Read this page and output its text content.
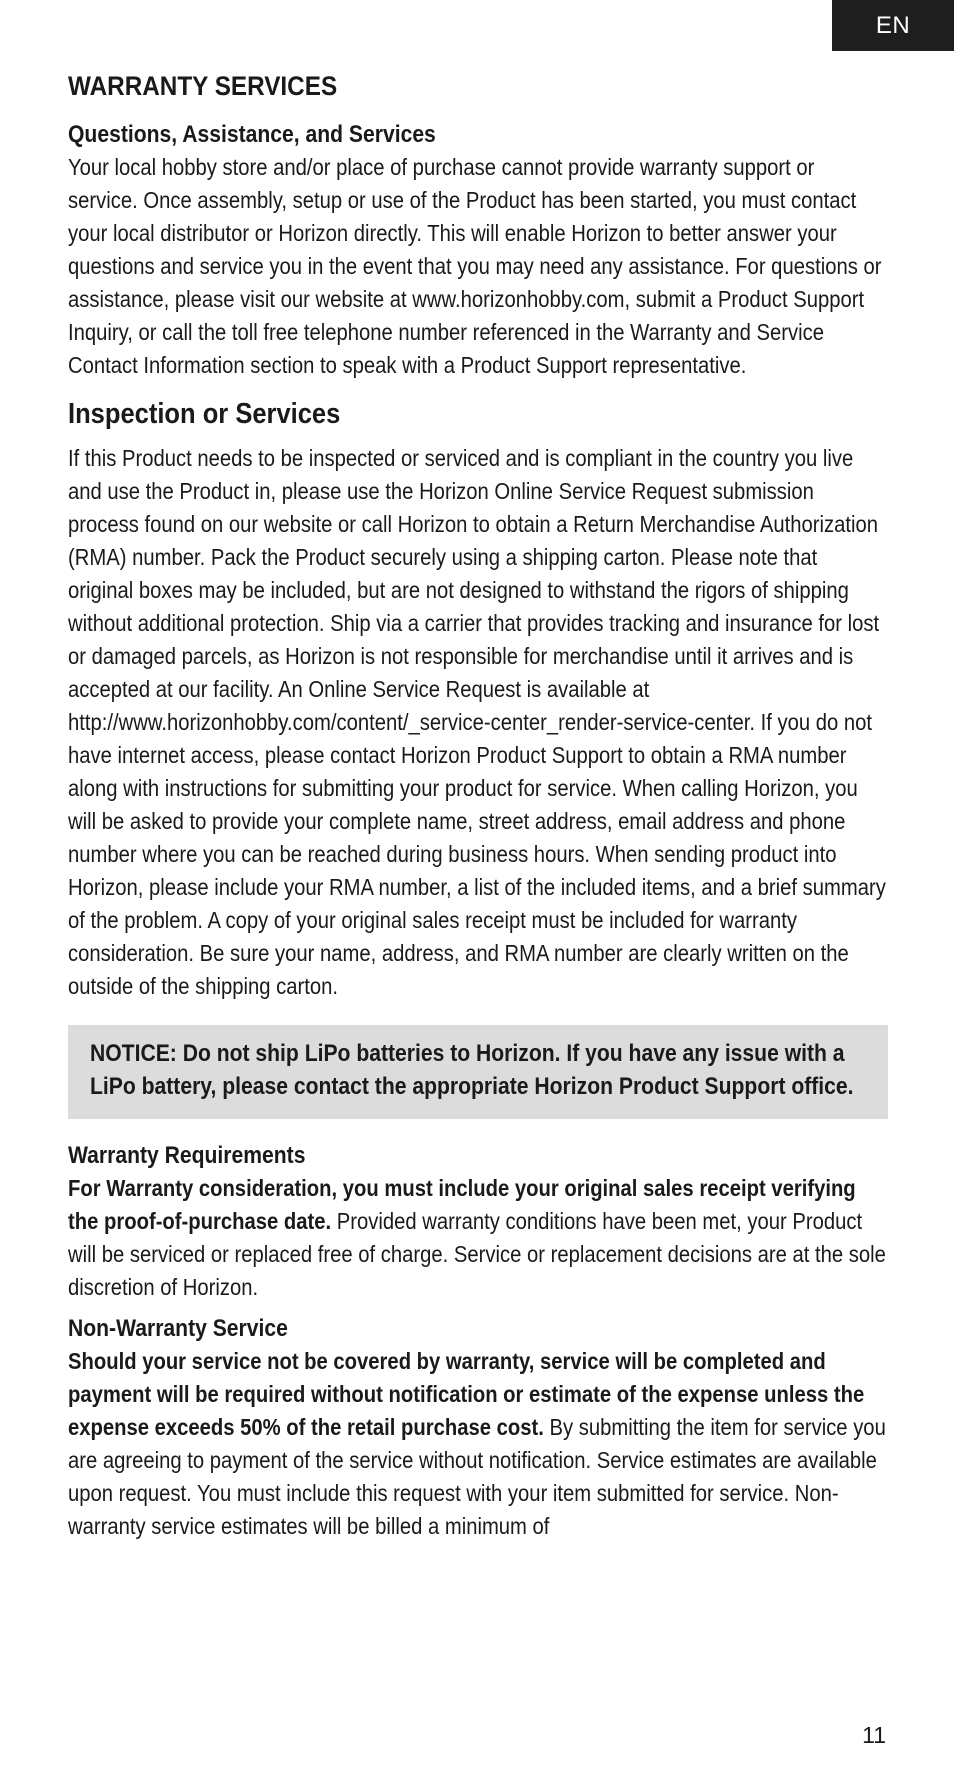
EN
WARRANTY SERVICES
Questions, Assistance, and Services

Your local hobby store and/or place of purchase cannot provide warranty support or service. Once assembly, setup or use of the Product has been started, you must contact your local distributor or Horizon directly. This will enable Horizon to better answer your questions and service you in the event that you may need any assistance. For questions or assistance, please visit our website at www.horizonhobby.com, submit a Product Support Inquiry, or call the toll free telephone number referenced in the Warranty and Service Contact Information section to speak with a Product Support representative.

Inspection or Services

If this Product needs to be inspected or serviced and is compliant in the country you live and use the Product in, please use the Horizon Online Service Request submission process found on our website or call Horizon to obtain a Return Merchandise Authorization (RMA) number. Pack the Product securely using a shipping carton. Please note that original boxes may be included, but are not designed to withstand the rigors of shipping without additional protection. Ship via a carrier that provides tracking and insurance for lost or damaged parcels, as Horizon is not responsible for merchandise until it arrives and is accepted at our facility. An Online Service Request is available at http://www.horizonhobby.com/content/_service-center_render-service-center. If you do not have internet access, please contact Horizon Product Support to obtain a RMA number along with instructions for submitting your product for service. When calling Horizon, you will be asked to provide your complete name, street address, email address and phone number where you can be reached during business hours. When sending product into Horizon, please include your RMA number, a list of the included items, and a brief summary of the problem. A copy of your original sales receipt must be included for warranty consideration. Be sure your name, address, and RMA number are clearly written on the outside of the shipping carton.

NOTICE: Do not ship LiPo batteries to Horizon. If you have any issue with a LiPo battery, please contact the appropriate Horizon Product Support office.

Warranty Requirements

For Warranty consideration, you must include your original sales receipt verifying the proof-of-purchase date. Provided warranty conditions have been met, your Product will be serviced or replaced free of charge. Service or replacement decisions are at the sole discretion of Horizon.

Non-Warranty Service

Should your service not be covered by warranty, service will be completed and payment will be required without notification or estimate of the expense unless the expense exceeds 50% of the retail purchase cost. By submitting the item for service you are agreeing to payment of the service without notification. Service estimates are available upon request. You must include this request with your item submitted for service. Non-warranty service estimates will be billed a minimum of

11
